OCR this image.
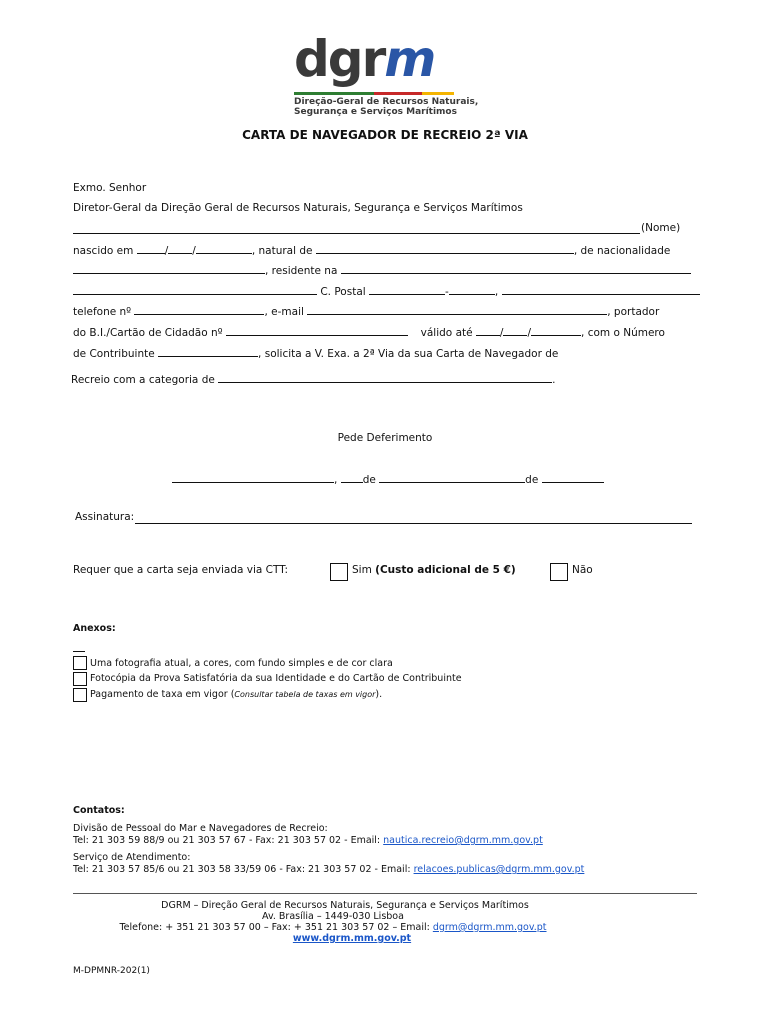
dgrm
Direção-Geral de Recursos Naturais,
Segurança e Serviços Marítimos
CARTA DE NAVEGADOR DE RECREIO 2ª VIA
Exmo. Senhor
Diretor-Geral da Direção Geral de Recursos Naturais, Segurança e Serviços Marítimos
(Nome)
nascido em	/ /	, natural de	, de nacionalidade
, residente na
C. Postal	-	,
telefone nº	, e-mail	, portador
do B.I./Cartão de Cidadão nº	válido até	/ /	, com o Número
de Contribuinte	, solicita a V. Exa. a 2ª Via da sua Carta de Navegador de
Recreio com a categoria de	.
Pede Deferimento
, de	de
Assinatura:
Requer que a carta seja enviada via CTT:	Sim (Custo adicional de 5 €)	Não
Anexos:
Uma fotografia atual, a cores, com fundo simples e de cor clara
Fotocópia da Prova Satisfatória da sua Identidade e do Cartão de Contribuinte
Pagamento de taxa em vigor (Consultar tabela de taxas em vigor).
Contatos:
Divisão de Pessoal do Mar e Navegadores de Recreio:
Tel: 21 303 59 88/9 ou 21 303 57 67 - Fax: 21 303 57 02 - Email: nautica.recreio@dgrm.mm.gov.pt
Serviço de Atendimento:
Tel: 21 303 57 85/6 ou 21 303 58 33/59 06 - Fax: 21 303 57 02 - Email: relacoes.publicas@dgrm.mm.gov.pt
DGRM – Direção Geral de Recursos Naturais, Segurança e Serviços Marítimos
Av. Brasília – 1449-030 Lisboa
Telefone: + 351 21 303 57 00 – Fax: + 351 21 303 57 02 – Email: dgrm@dgrm.mm.gov.pt
www.dgrm.mm.gov.pt
M-DPMNR-202(1)
